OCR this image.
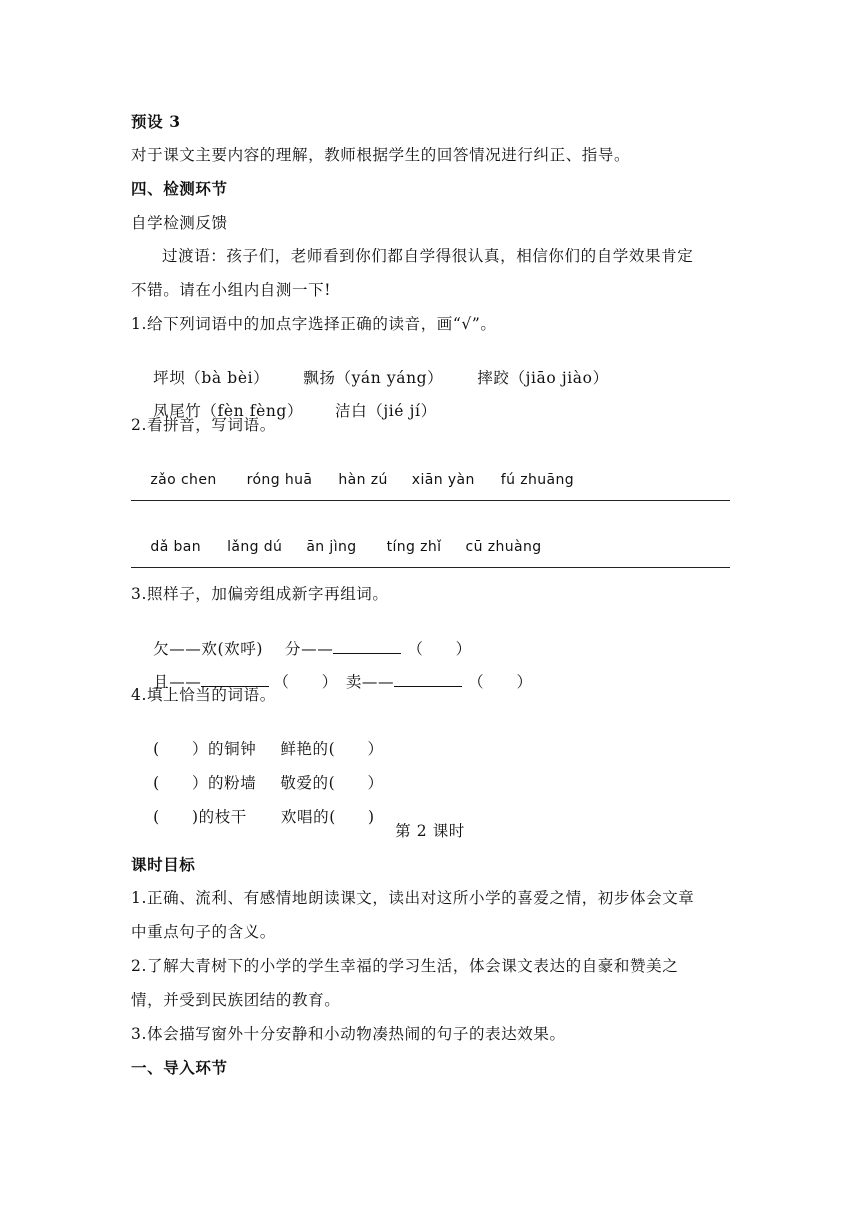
预设 3
对于课文主要内容的理解，教师根据学生的回答情况进行纠正、指导。
四、检测环节
自学检测反馈
过渡语：孩子们，老师看到你们都自学得很认真，相信你们的自学效果肯定
不错。请在小组内自测一下!
1.给下列词语中的加点字选择正确的读音，画“√”。

坪坝（bà bèi） 飘扬（yán yáng） 摔跤（jiāo jiào）

凤尾竹（fèn fèng） 洁白（jié jí）

2.看拼音，写词语。

zǎo chen róng huā hàn zú xiān yàn fú zhuāng

dǎ ban lǎng dú ān jìng tíng zhǐ cū zhuàng

3.照样子，加偏旁组成新字再组词。

欠——欢(欢呼) 分——	（　　）

且——	（　　） 卖——	（　　）

4.填上恰当的词语。

(　　）的铜钟 鲜艳的(　　）

(　　）的粉墙 敬爱的(　　）

(　　)的枝干 欢唱的(　　)

第 2 课时
课时目标
1.正确、流利、有感情地朗读课文，读出对这所小学的喜爱之情，初步体会文章
中重点句子的含义。
2.了解大青树下的小学的学生幸福的学习生活，体会课文表达的自豪和赞美之
情，并受到民族团结的教育。
3.体会描写窗外十分安静和小动物凑热闹的句子的表达效果。
一、导入环节
